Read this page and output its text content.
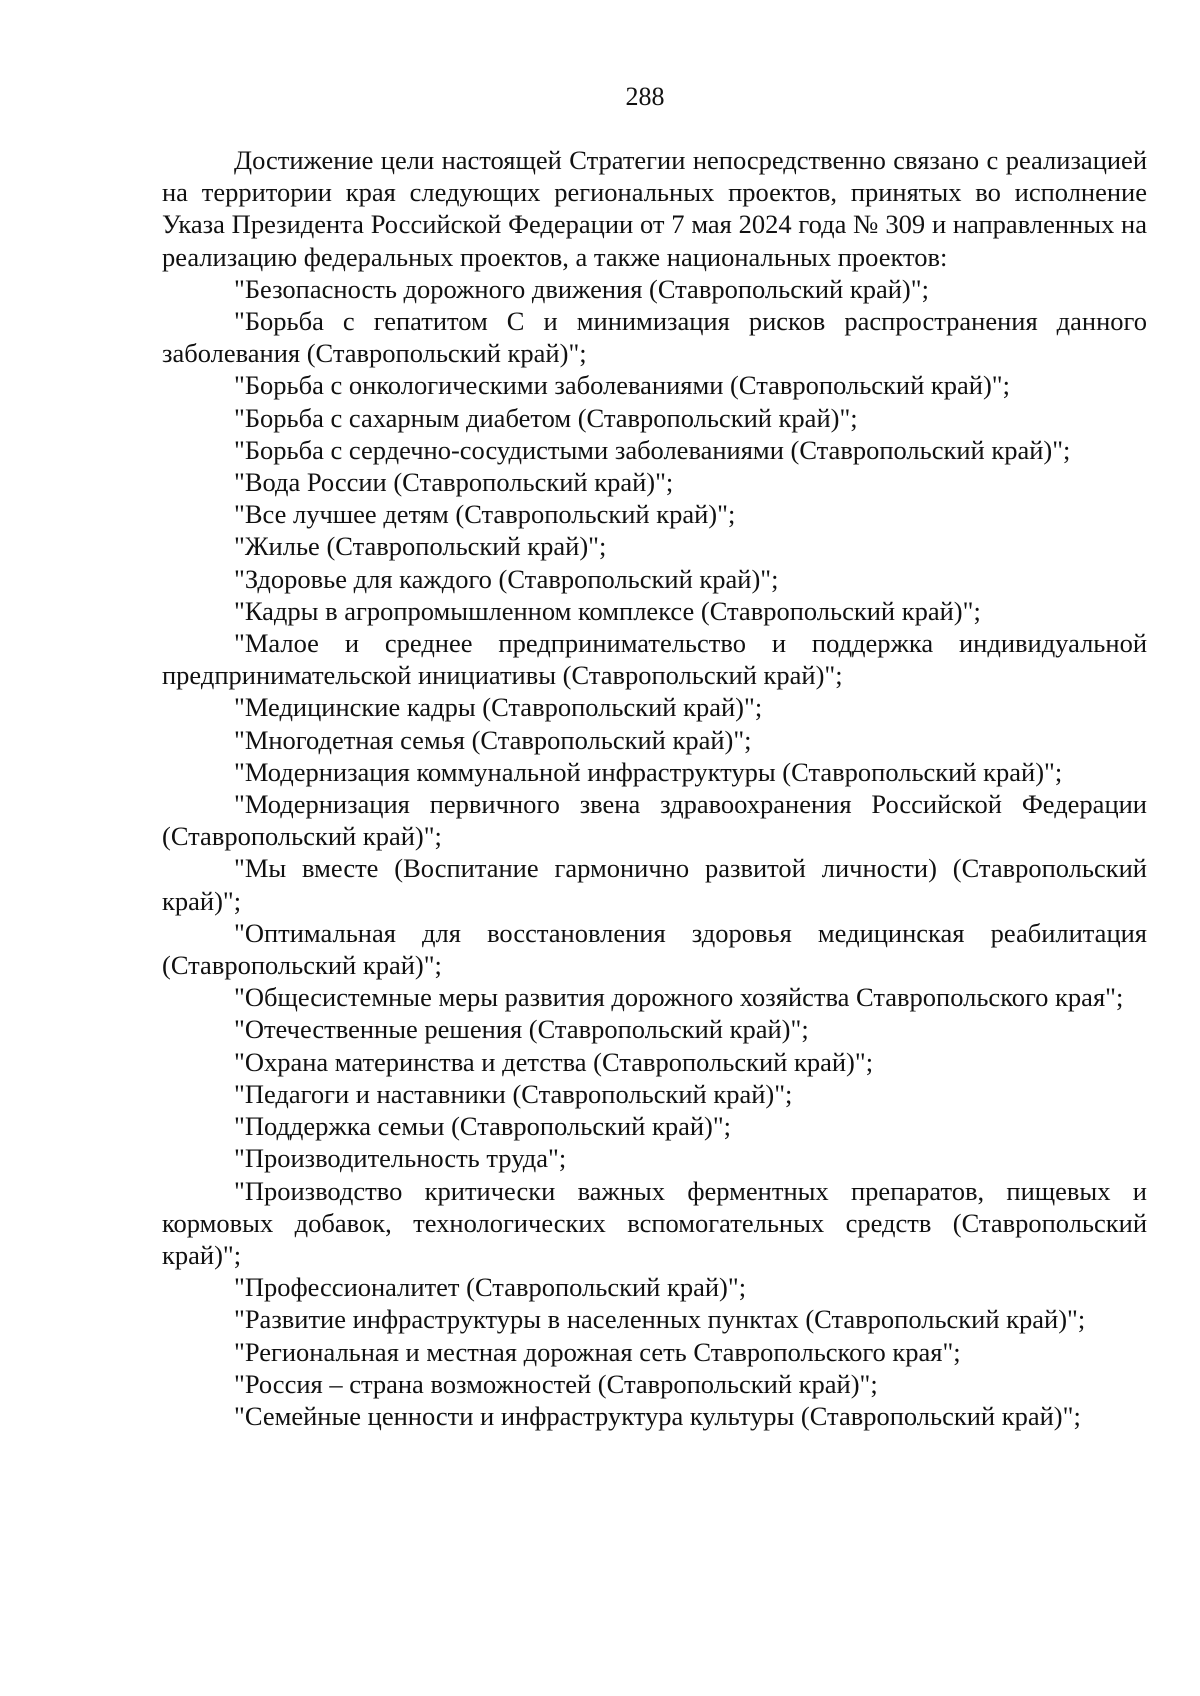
288

Достижение цели настоящей Стратегии непосредственно связано с реализацией на территории края следующих региональных проектов, принятых во исполнение Указа Президента Российской Федерации от 7 мая 2024 года № 309 и направленных на реализацию федеральных проектов, а также национальных проектов:

"Безопасность дорожного движения (Ставропольский край)";

"Борьба с гепатитом С и минимизация рисков распространения данного заболевания (Ставропольский край)";

"Борьба с онкологическими заболеваниями (Ставропольский край)";

"Борьба с сахарным диабетом (Ставропольский край)";

"Борьба с сердечно-сосудистыми заболеваниями (Ставропольский край)";

"Вода России (Ставропольский край)";

"Все лучшее детям (Ставропольский край)";

"Жилье (Ставропольский край)";

"Здоровье для каждого (Ставропольский край)";

"Кадры в агропромышленном комплексе (Ставропольский край)";

"Малое и среднее предпринимательство и поддержка индивидуальной предпринимательской инициативы (Ставропольский край)";

"Медицинские кадры (Ставропольский край)";

"Многодетная семья (Ставропольский край)";

"Модернизация коммунальной инфраструктуры (Ставропольский край)";

"Модернизация первичного звена здравоохранения Российской Федерации (Ставропольский край)";

"Мы вместе (Воспитание гармонично развитой личности) (Ставропольский край)";

"Оптимальная для восстановления здоровья медицинская реабилитация (Ставропольский край)";

"Общесистемные меры развития дорожного хозяйства Ставропольского края";

"Отечественные решения (Ставропольский край)";

"Охрана материнства и детства (Ставропольский край)";

"Педагоги и наставники (Ставропольский край)";

"Поддержка семьи (Ставропольский край)";

"Производительность труда";

"Производство критически важных ферментных препаратов, пищевых и кормовых добавок, технологических вспомогательных средств (Ставропольский край)";

"Профессионалитет (Ставропольский край)";

"Развитие инфраструктуры в населенных пунктах (Ставропольский край)";

"Региональная и местная дорожная сеть Ставропольского края";

"Россия – страна возможностей (Ставропольский край)";

"Семейные ценности и инфраструктура культуры (Ставропольский край)";
